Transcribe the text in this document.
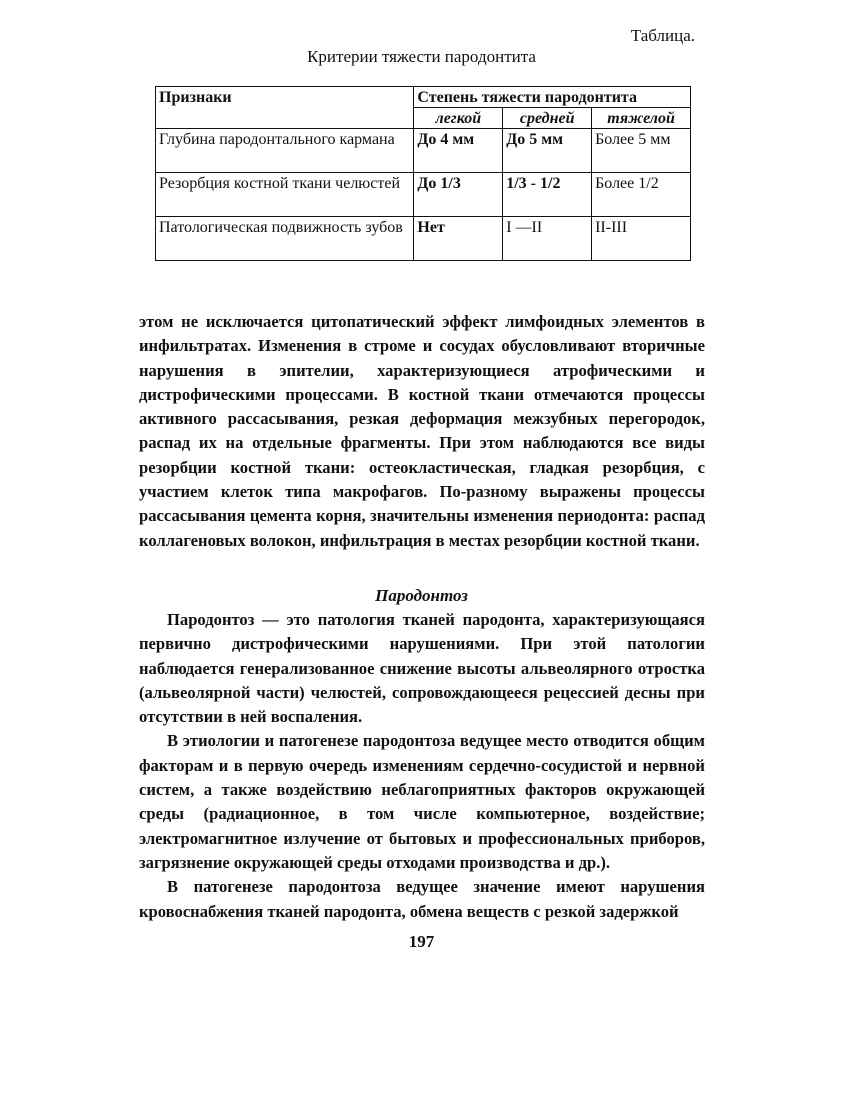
Таблица.
Критерии тяжести пародонтита
Признаки	Степень тяжести пародонтита		
	легкой	средней	тяжелой
Глубина пародонтального кармана	До 4 мм	До 5 мм	Более 5 мм
Резорбция костной ткани челюстей	До 1/3	1/3 - 1/2	Более 1/2
Патологическая подвижность зубов	Нет	I —II	II-III

этом не исключается цитопатический эффект лимфоидных элементов в инфильтратах. Изменения в строме и сосудах обусловливают вторичные нарушения в эпителии, характеризующиеся атрофическими и дистрофическими процессами. В костной ткани отмечаются процессы активного рассасывания, резкая деформация межзубных перегородок, распад их на отдельные фрагменты. При этом наблюдаются все виды резорбции костной ткани: остеокластическая, гладкая резорбция, с участием клеток типа макрофагов. По-разному выражены процессы рассасывания цемента корня, значительны изменения периодонта: распад коллагеновых волокон, инфильтрация в местах резорбции костной ткани.

Пародонтоз

Пародонтоз — это патология тканей пародонта, характеризующаяся первично дистрофическими нарушениями. При этой патологии наблюдается генерализованное снижение высоты альвеолярного отростка (альвеолярной части) челюстей, сопровождающееся рецессией десны при отсутствии в ней воспаления.

В этиологии и патогенезе пародонтоза ведущее место отводится общим факторам и в первую очередь изменениям сердечно-сосудистой и нервной систем, а также воздействию неблагоприятных факторов окружающей среды (радиационное, в том числе компьютерное, воздействие; электромагнитное излучение от бытовых и профессиональных приборов, загрязнение окружающей среды отходами производства и др.).

В патогенезе пародонтоза ведущее значение имеют нарушения кровоснабжения тканей пародонта, обмена веществ с резкой задержкой

197
